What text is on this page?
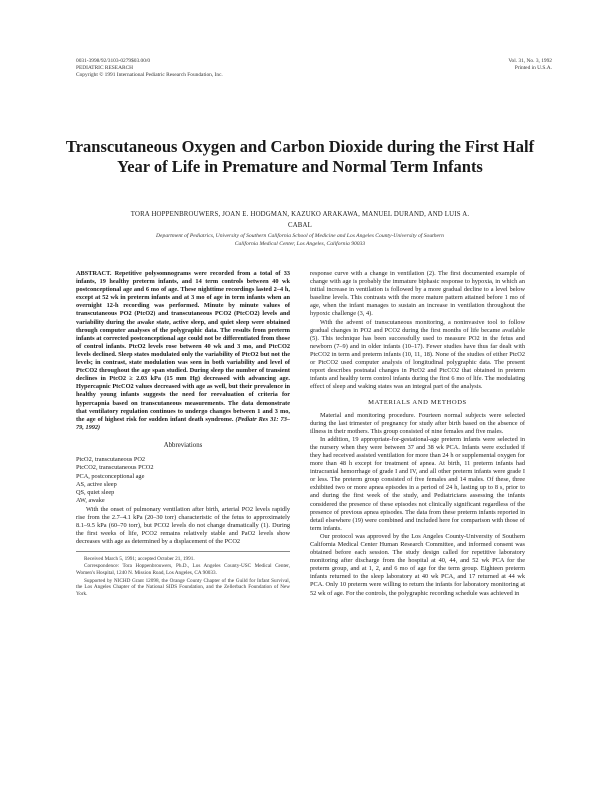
0031-3998/92/3103-0279$03.00/0
PEDIATRIC RESEARCH
Copyright © 1991 International Pediatric Research Foundation, Inc.
Vol. 31, No. 3, 1992
Printed in U.S.A.
Transcutaneous Oxygen and Carbon Dioxide during the First Half Year of Life in Premature and Normal Term Infants
TORA HOPPENBROUWERS, JOAN E. HODGMAN, KAZUKO ARAKAWA, MANUEL DURAND, AND LUIS A. CABAL
Department of Pediatrics, University of Southern California School of Medicine and Los Angeles County-University of Southern California Medical Center, Los Angeles, California 90033

ABSTRACT. Repetitive polysomnograms were recorded from a total of 33 infants, 19 healthy preterm infants, and 14 term controls between 40 wk postconceptional age and 6 mo of age. These nighttime recordings lasted 2–4 h, except at 52 wk in preterm infants and at 3 mo of age in term infants when an overnight 12-h recording was performed. Minute by minute values of transcutaneous PO2 (PtcO2) and transcutaneous PCO2 (PtcCO2) levels and variability during the awake state, active sleep, and quiet sleep were obtained through computer analyses of the polygraphic data. The results from preterm infants at corrected postconceptional age could not be differentiated from those of control infants. PtcO2 levels rose between 40 wk and 3 mo, and PtcCO2 levels declined. Sleep states modulated only the variability of PtcO2 but not the levels; in contrast, state modulation was seen in both variability and level of PtcCO2 throughout the age span studied. During sleep the number of transient declines in PtcO2 ≥ 2.03 kPa (15 mm Hg) decreased with advancing age. Hypercapnic PtcCO2 values decreased with age as well, but their prevalence in healthy young infants suggests the need for reevaluation of criteria for hypercapnia based on transcutaneous measurements. The data demonstrate that ventilatory regulation continues to undergo changes between 1 and 3 mo, the age of highest risk for sudden infant death syndrome. (Pediatr Res 31: 73–79, 1992)

Abbreviations
PtcO2, transcutaneous PO2
PtcCO2, transcutaneous PCO2
PCA, postconceptional age
AS, active sleep
QS, quiet sleep
AW, awake

With the onset of pulmonary ventilation after birth, arterial PO2 levels rapidly rise from the 2.7–4.1 kPa (20–30 torr) characteristic of the fetus to approximately 8.1–9.5 kPa (60–70 torr), but PCO2 levels do not change dramatically (1). During the first weeks of life, PCO2 remains relatively stable and PaO2 levels show decreases with age as determined by a displacement of the PCO2

Received March 5, 1991; accepted October 21, 1991.

Correspondence: Tora Hoppenbrouwers, Ph.D., Los Angeles County-USC Medical Center, Women's Hospital, 1240 N. Mission Road, Los Angeles, CA 90033.

Supported by NICHD Grant 12098, the Orange County Chapter of the Guild for Infant Survival, the Los Angeles Chapter of the National SIDS Foundation, and the Zellerbach Foundation of New York.

response curve with a change in ventilation (2). The first documented example of change with age is probably the immature biphasic response to hypoxia, in which an initial increase in ventilation is followed by a more gradual decline to a level below baseline levels. This contrasts with the more mature pattern attained before 1 mo of age, when the infant manages to sustain an increase in ventilation throughout the hypoxic challenge (3, 4).

With the advent of transcutaneous monitoring, a noninvasive tool to follow gradual changes in PO2 and PCO2 during the first months of life became available (5). This technique has been successfully used to measure PO2 in the fetus and newborn (7–9) and in older infants (10–17). Fewer studies have thus far dealt with PtcCO2 in term and preterm infants (10, 11, 18). None of the studies of either PtcO2 or PtcCO2 used computer analysis of longitudinal polygraphic data. The present report describes postnatal changes in PtcO2 and PtcCO2 that obtained in preterm infants and healthy term control infants during the first 6 mo of life. The modulating effect of sleep and waking states was an integral part of the analysis.

MATERIALS AND METHODS

Material and monitoring procedure. Fourteen normal subjects were selected during the last trimester of pregnancy for study after birth based on the absence of illness in their mothers. This group consisted of nine females and five males.

In addition, 19 appropriate-for-gestational-age preterm infants were selected in the nursery when they were between 37 and 38 wk PCA. Infants were excluded if they had received assisted ventilation for more than 24 h or supplemental oxygen for more than 48 h except for treatment of apnea. At birth, 11 preterm infants had intracranial hemorrhage of grade I and IV, and all other preterm infants were grade I or less. The preterm group consisted of five females and 14 males. Of these, three exhibited two or more apnea episodes in a period of 24 h, lasting up to 8 s, prior to and during the first week of the study, and Pediatricians assessing the infants considered the presence of these episodes not clinically significant regardless of the presence of previous apnea episodes. The data from these preterm infants reported in detail elsewhere (19) were combined and included here for comparison with those of term infants.

Our protocol was approved by the Los Angeles County-University of Southern California Medical Center Human Research Committee, and informed consent was obtained before each session. The study design called for repetitive laboratory monitoring after discharge from the hospital at 40, 44, and 52 wk PCA for the preterm group, and at 1, 2, and 6 mo of age for the term group. Eighteen preterm infants returned to the sleep laboratory at 40 wk PCA, and 17 returned at 44 wk PCA. Only 10 preterm were willing to return the infants for laboratory monitoring at 52 wk of age. For the controls, the polygraphic recording schedule was achieved in
